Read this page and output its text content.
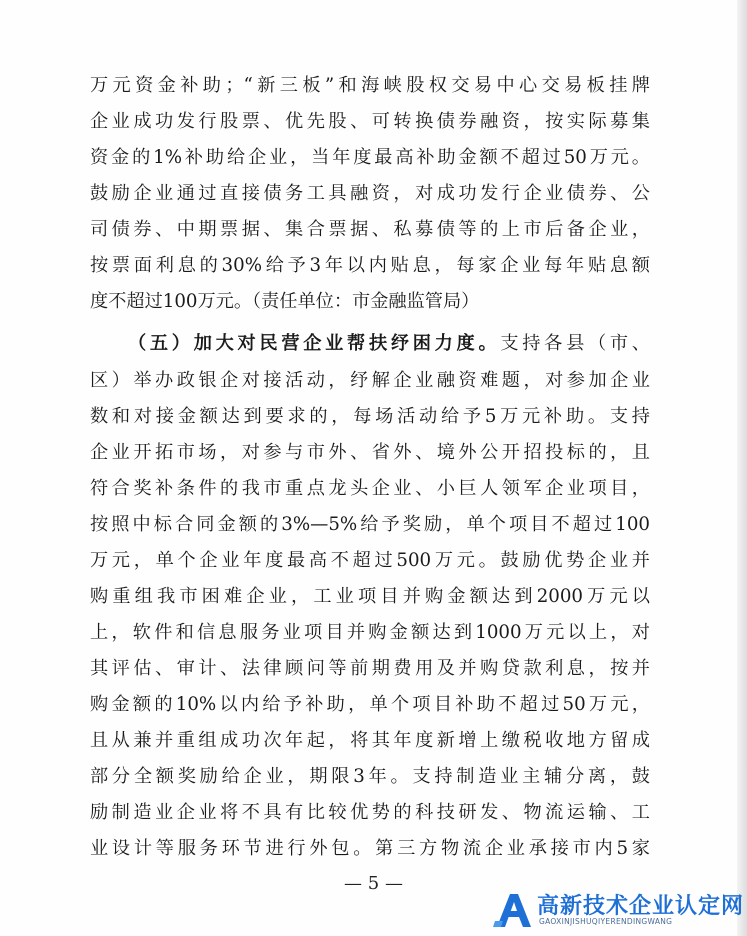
万元资金补助；“新三板”和海峡股权交易中心交易板挂牌
企业成功发行股票、优先股、可转换债券融资，按实际募集
资金的1%补助给企业，当年度最高补助金额不超过50万元。
鼓励企业通过直接债务工具融资，对成功发行企业债券、公
司债券、中期票据、集合票据、私募债等的上市后备企业，
按票面利息的30%给予3年以内贴息，每家企业每年贴息额
度不超过100万元。（责任单位：市金融监管局）
（五）加大对民营企业帮扶纾困力度。支持各县（市、
区）举办政银企对接活动，纾解企业融资难题，对参加企业
数和对接金额达到要求的，每场活动给予5万元补助。支持
企业开拓市场，对参与市外、省外、境外公开招投标的，且
符合奖补条件的我市重点龙头企业、小巨人领军企业项目，
按照中标合同金额的3%—5%给予奖励，单个项目不超过100
万元，单个企业年度最高不超过500万元。鼓励优势企业并
购重组我市困难企业，工业项目并购金额达到2000万元以
上，软件和信息服务业项目并购金额达到1000万元以上，对
其评估、审计、法律顾问等前期费用及并购贷款利息，按并
购金额的10%以内给予补助，单个项目补助不超过50万元，
且从兼并重组成功次年起，将其年度新增上缴税收地方留成
部分全额奖励给企业，期限3年。支持制造业主辅分离，鼓
励制造业企业将不具有比较优势的科技研发、物流运输、工
业设计等服务环节进行外包。第三方物流企业承接市内5家
— 5 —
高新技术企业认定网
GAOXINJISHUQIYERENDINGWANG
